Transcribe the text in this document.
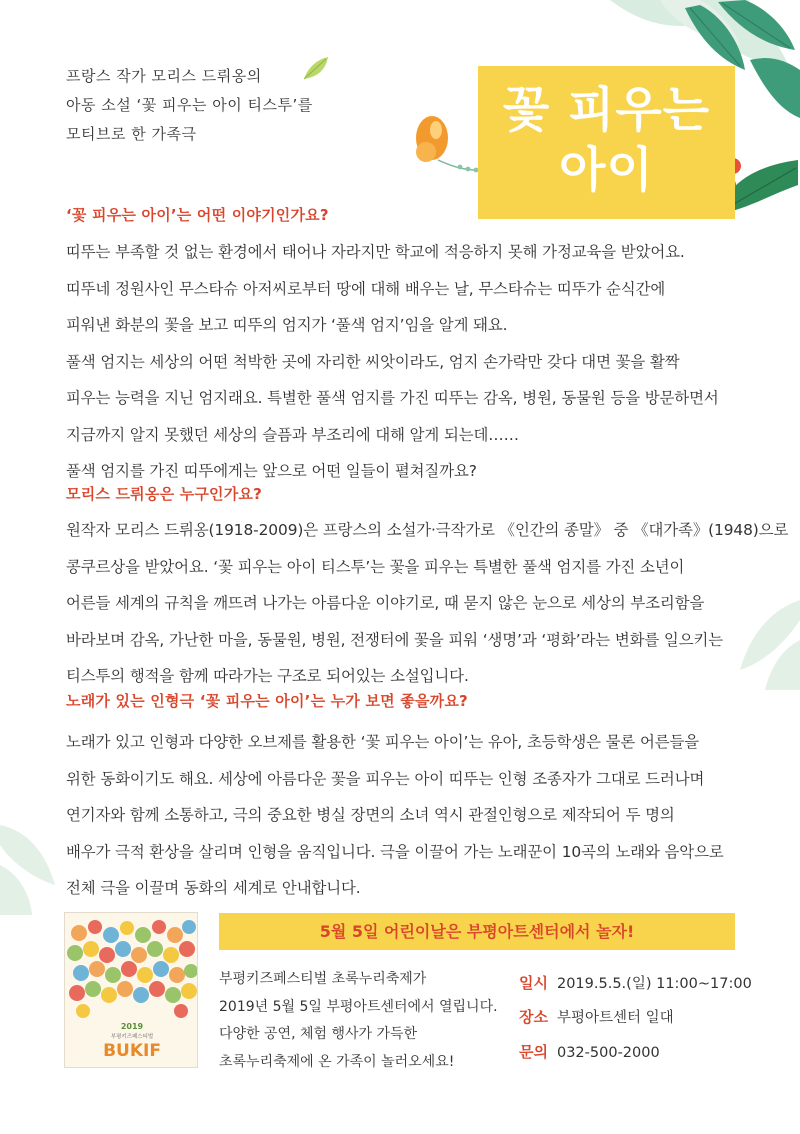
프랑스 작가 모리스 드뤼옹의
아동 소설 ‘꽃 피우는 아이 티스투’를
모티브로 한 가족극	꽃 피우는
아이
‘꽃 피우는 아이’는 어떤 이야기인가요?
띠뚜는 부족할 것 없는 환경에서 태어나 자라지만 학교에 적응하지 못해 가정교육을 받았어요.
띠뚜네 정원사인 무스타슈 아저씨로부터 땅에 대해 배우는 날, 무스타슈는 띠뚜가 순식간에
피워낸 화분의 꽃을 보고 띠뚜의 엄지가 ‘풀색 엄지’임을 알게 돼요.
풀색 엄지는 세상의 어떤 척박한 곳에 자리한 씨앗이라도, 엄지 손가락만 갖다 대면 꽃을 활짝
피우는 능력을 지닌 엄지래요. 특별한 풀색 엄지를 가진 띠뚜는 감옥, 병원, 동물원 등을 방문하면서
지금까지 알지 못했던 세상의 슬픔과 부조리에 대해 알게 되는데……
풀색 엄지를 가진 띠뚜에게는 앞으로 어떤 일들이 펼쳐질까요?
모리스 드뤼옹은 누구인가요?
원작자 모리스 드뤼옹(1918-2009)은 프랑스의 소설가·극작가로 《인간의 종말》 중 《대가족》(1948)으로
콩쿠르상을 받았어요. ‘꽃 피우는 아이 티스투’는 꽃을 피우는 특별한 풀색 엄지를 가진 소년이
어른들 세계의 규칙을 깨뜨려 나가는 아름다운 이야기로, 때 묻지 않은 눈으로 세상의 부조리함을
바라보며 감옥, 가난한 마을, 동물원, 병원, 전쟁터에 꽃을 피워 ‘생명’과 ‘평화’라는 변화를 일으키는
티스투의 행적을 함께 따라가는 구조로 되어있는 소설입니다.
노래가 있는 인형극 ‘꽃 피우는 아이’는 누가 보면 좋을까요?
노래가 있고 인형과 다양한 오브제를 활용한 ‘꽃 피우는 아이’는 유아, 초등학생은 물론 어른들을
위한 동화이기도 해요. 세상에 아름다운 꽃을 피우는 아이 띠뚜는 인형 조종자가 그대로 드러나며
연기자와 함께 소통하고, 극의 중요한 병실 장면의 소녀 역시 관절인형으로 제작되어 두 명의
배우가 극적 환상을 살리며 인형을 움직입니다. 극을 이끌어 가는 노래꾼이 10곡의 노래와 음악으로
전체 극을 이끌며 동화의 세계로 안내합니다.
2019
부평키즈페스티벌
BUKIF
5월 5일 어린이날은 부평아트센터에서 놀자!
부평키즈페스티벌 초록누리축제가
2019년 5월 5일 부평아트센터에서 열립니다.
다양한 공연, 체험 행사가 가득한
초록누리축제에 온 가족이 놀러오세요!
일시 2019.5.5.(일) 11:00~17:00
장소 부평아트센터 일대
문의 032-500-2000
